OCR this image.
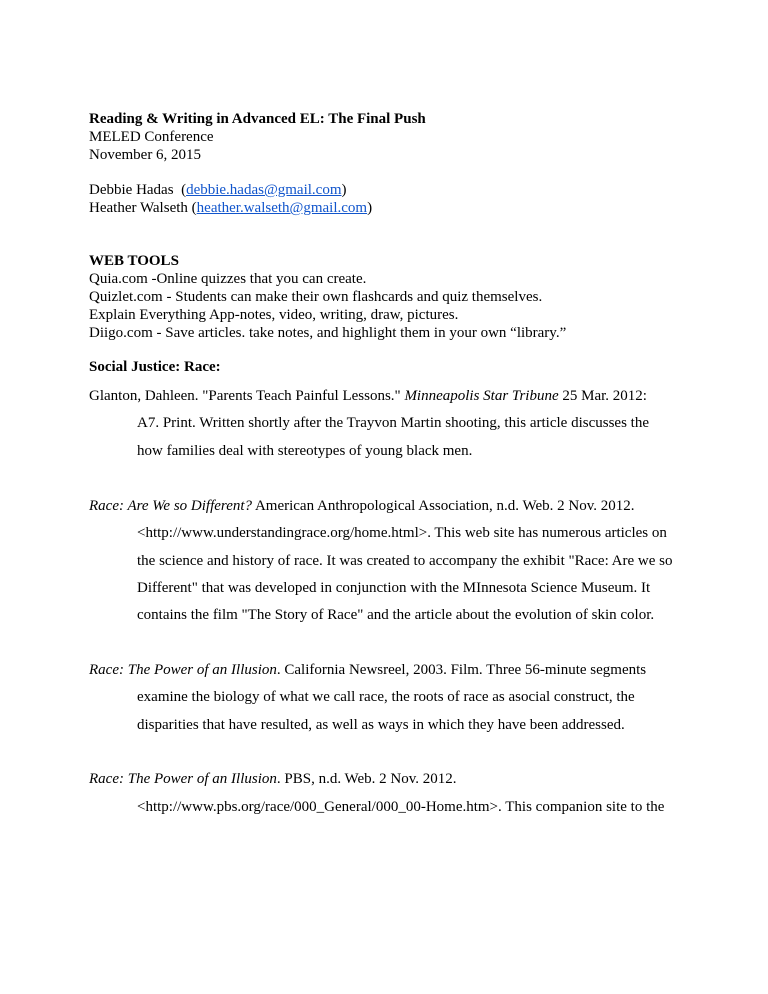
Reading & Writing in Advanced EL: The Final Push
MELED Conference
November 6, 2015
Debbie Hadas  (debbie.hadas@gmail.com)
Heather Walseth (heather.walseth@gmail.com)
WEB TOOLS
Quia.com -Online quizzes that you can create.
Quizlet.com - Students can make their own flashcards and quiz themselves.
Explain Everything App-notes, video, writing, draw, pictures.
Diigo.com - Save articles. take notes, and highlight them in your own “library.”
Social Justice: Race:
Glanton, Dahleen. "Parents Teach Painful Lessons." Minneapolis Star Tribune 25 Mar. 2012:
A7. Print. Written shortly after the Trayvon Martin shooting, this article discusses the
how families deal with stereotypes of young black men.
Race: Are We so Different? American Anthropological Association, n.d. Web. 2 Nov. 2012.
<http://www.understandingrace.org/home.html>. This web site has numerous articles on
the science and history of race. It was created to accompany the exhibit "Race: Are we so
Different" that was developed in conjunction with the MInnesota Science Museum. It
contains the film "The Story of Race" and the article about the evolution of skin color.
Race: The Power of an Illusion. California Newsreel, 2003. Film. Three 56-minute segments
examine the biology of what we call race, the roots of race as asocial construct, the
disparities that have resulted, as well as ways in which they have been addressed.
Race: The Power of an Illusion. PBS, n.d. Web. 2 Nov. 2012.
<http://www.pbs.org/race/000_General/000_00-Home.htm>. This companion site to the
